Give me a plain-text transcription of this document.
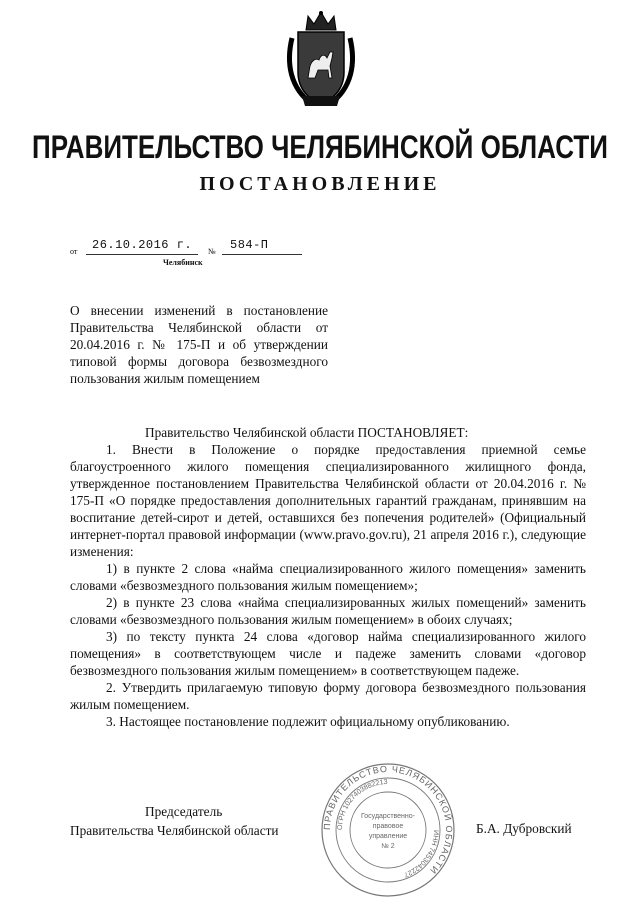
ПРАВИТЕЛЬСТВО ЧЕЛЯБИНСКОЙ ОБЛАСТИ
ПОСТАНОВЛЕНИЕ
от 26.10.2016 г. № 584-П
Челябинск
О внесении изменений в постановление Правительства Челябинской области от 20.04.2016 г. № 175-П и об утверждении типовой формы договора безвозмездного пользования жилым помещением

Правительство Челябинской области ПОСТАНОВЛЯЕТ:

1. Внести в Положение о порядке предоставления приемной семье благоустроенного жилого помещения специализированного жилищного фонда, утвержденное постановлением Правительства Челябинской области от 20.04.2016 г. № 175-П «О порядке предоставления дополнительных гарантий гражданам, принявшим на воспитание детей-сирот и детей, оставшихся без попечения родителей» (Официальный интернет-портал правовой информации (www.pravo.gov.ru), 21 апреля 2016 г.), следующие изменения:

1) в пункте 2 слова «найма специализированного жилого помещения» заменить словами «безвозмездного пользования жилым помещением»;

2) в пункте 23 слова «найма специализированных жилых помещений» заменить словами «безвозмездного пользования жилым помещением» в обоих случаях;

3) по тексту пункта 24 слова «договор найма специализированного жилого помещения» в соответствующем числе и падеже заменить словами «договор безвозмездного пользования жилым помещением» в соответствующем падеже.

2. Утвердить прилагаемую типовую форму договора безвозмездного пользования жилым помещением.

3. Настоящее постановление подлежит официальному опубликованию.

Председатель
Правительства Челябинской области	Б.А. Дубровский
ПРАВИТЕЛЬСТВО ЧЕЛЯБИНСКОЙ ОБЛАСТИ
ОГРН 1027403882213
ИНН 7453042227
Государственно-
правовое
управление
№ 2
